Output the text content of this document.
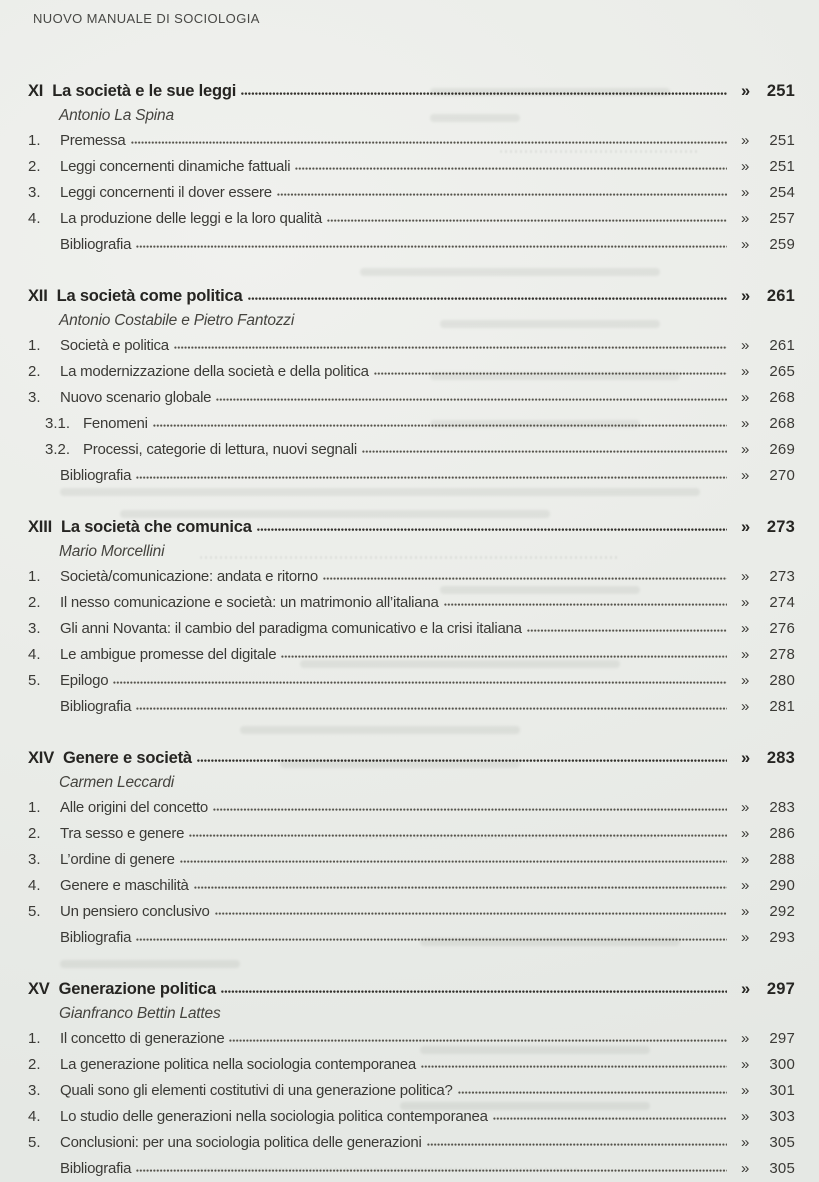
NUOVO MANUALE DI SOCIOLOGIA
XI La società e le sue leggi	»	251
Antonio La Spina
1.	Premessa	»	251
2.	Leggi concernenti dinamiche fattuali	»	251
3.	Leggi concernenti il dover essere	»	254
4.	La produzione delle leggi e la loro qualità	»	257
Bibliografia	»	259
XII La società come politica	»	261
Antonio Costabile e Pietro Fantozzi
1.	Società e politica	»	261
2.	La modernizzazione della società e della politica	»	265
3.	Nuovo scenario globale	»	268
3.1. Fenomeni	»	268
3.2. Processi, categorie di lettura, nuovi segnali	»	269
Bibliografia	»	270
XIII La società che comunica	»	273
Mario Morcellini
1.	Società/comunicazione: andata e ritorno	»	273
2.	Il nesso comunicazione e società: un matrimonio all’italiana	»	274
3.	Gli anni Novanta: il cambio del paradigma comunicativo e la crisi italiana	»	276
4.	Le ambigue promesse del digitale	»	278
5.	Epilogo	»	280
Bibliografia	»	281
XIV Genere e società	»	283
Carmen Leccardi
1.	Alle origini del concetto	»	283
2.	Tra sesso e genere	»	286
3.	L’ordine di genere	»	288
4.	Genere e maschilità	»	290
5.	Un pensiero conclusivo	»	292
Bibliografia	»	293
XV Generazione politica	»	297
Gianfranco Bettin Lattes
1.	Il concetto di generazione	»	297
2.	La generazione politica nella sociologia contemporanea	»	300
3.	Quali sono gli elementi costitutivi di una generazione politica?	»	301
4.	Lo studio delle generazioni nella sociologia politica contemporanea	»	303
5.	Conclusioni: per una sociologia politica delle generazioni	»	305
Bibliografia	»	305
